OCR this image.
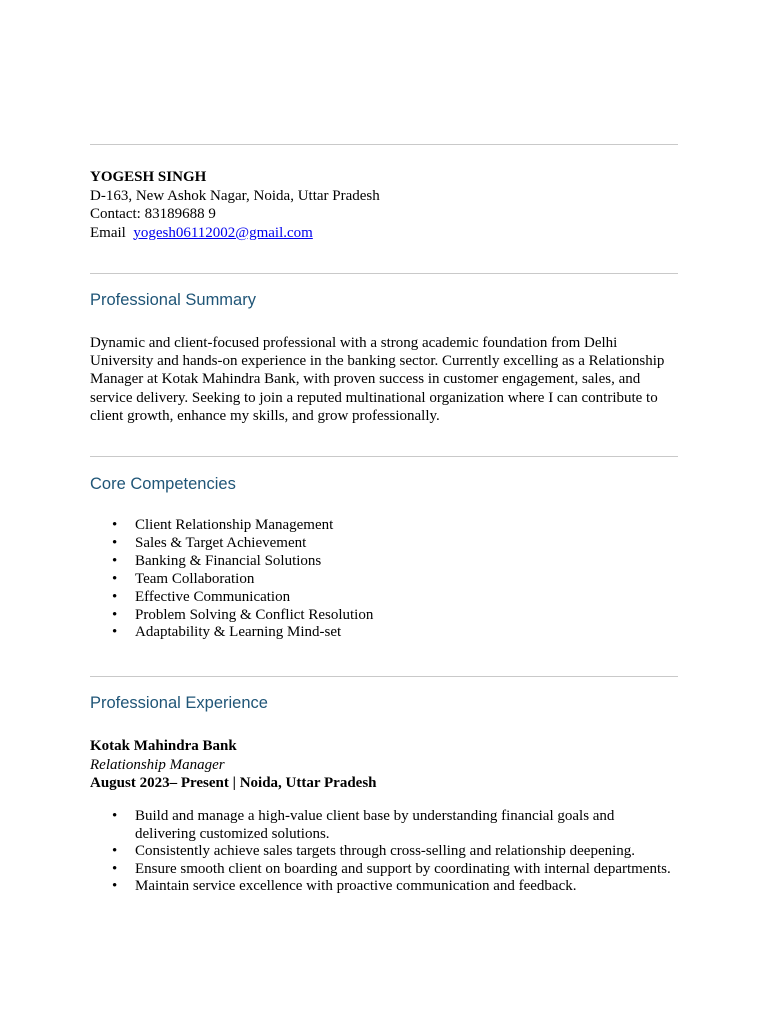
YOGESH SINGH
D-163, New Ashok Nagar, Noida, Uttar Pradesh
Contact: 83189688 9
Email yogesh06112002@gmail.com
Professional Summary

Dynamic and client-focused professional with a strong academic foundation from Delhi University and hands-on experience in the banking sector. Currently excelling as a Relationship Manager at Kotak Mahindra Bank, with proven success in customer engagement, sales, and service delivery. Seeking to join a reputed multinational organization where I can contribute to client growth, enhance my skills, and grow professionally.

Core Competencies
• Client Relationship Management
• Sales & Target Achievement
• Banking & Financial Solutions
• Team Collaboration
• Effective Communication
• Problem Solving & Conflict Resolution
• Adaptability & Learning Mind-set
Professional Experience
Kotak Mahindra Bank
Relationship Manager
August 2023– Present | Noida, Uttar Pradesh
• Build and manage a high-value client base by understanding financial goals and delivering customized solutions.
• Consistently achieve sales targets through cross-selling and relationship deepening.
• Ensure smooth client on boarding and support by coordinating with internal departments.
• Maintain service excellence with proactive communication and feedback.
